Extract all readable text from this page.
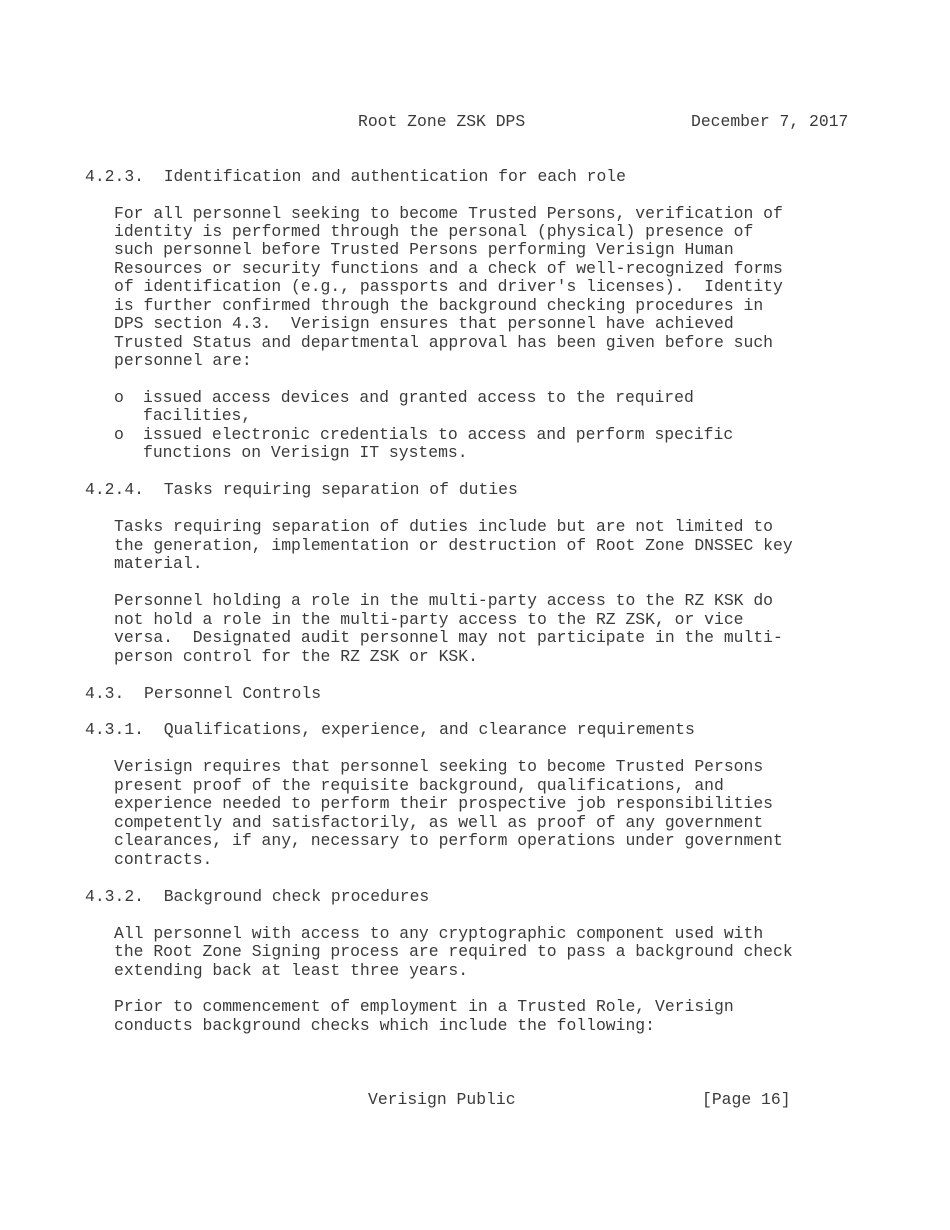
Root Zone ZSK DPS	December 7, 2017
4.2.3.  Identification and authentication for each role
For all personnel seeking to become Trusted Persons, verification of
identity is performed through the personal (physical) presence of
such personnel before Trusted Persons performing Verisign Human
Resources or security functions and a check of well-recognized forms
of identification (e.g., passports and driver's licenses).  Identity
is further confirmed through the background checking procedures in
DPS section 4.3.  Verisign ensures that personnel have achieved
Trusted Status and departmental approval has been given before such
personnel are:
o issued access devices and granted access to the required
facilities,
o issued electronic credentials to access and perform specific
functions on Verisign IT systems.
4.2.4.  Tasks requiring separation of duties
Tasks requiring separation of duties include but are not limited to
the generation, implementation or destruction of Root Zone DNSSEC key
material.
Personnel holding a role in the multi-party access to the RZ KSK do
not hold a role in the multi-party access to the RZ ZSK, or vice
versa.  Designated audit personnel may not participate in the multi-
person control for the RZ ZSK or KSK.
4.3.  Personnel Controls
4.3.1.  Qualifications, experience, and clearance requirements
Verisign requires that personnel seeking to become Trusted Persons
present proof of the requisite background, qualifications, and
experience needed to perform their prospective job responsibilities
competently and satisfactorily, as well as proof of any government
clearances, if any, necessary to perform operations under government
contracts.
4.3.2.  Background check procedures
All personnel with access to any cryptographic component used with
the Root Zone Signing process are required to pass a background check
extending back at least three years.
Prior to commencement of employment in a Trusted Role, Verisign
conducts background checks which include the following:
Verisign Public	[Page 16]
